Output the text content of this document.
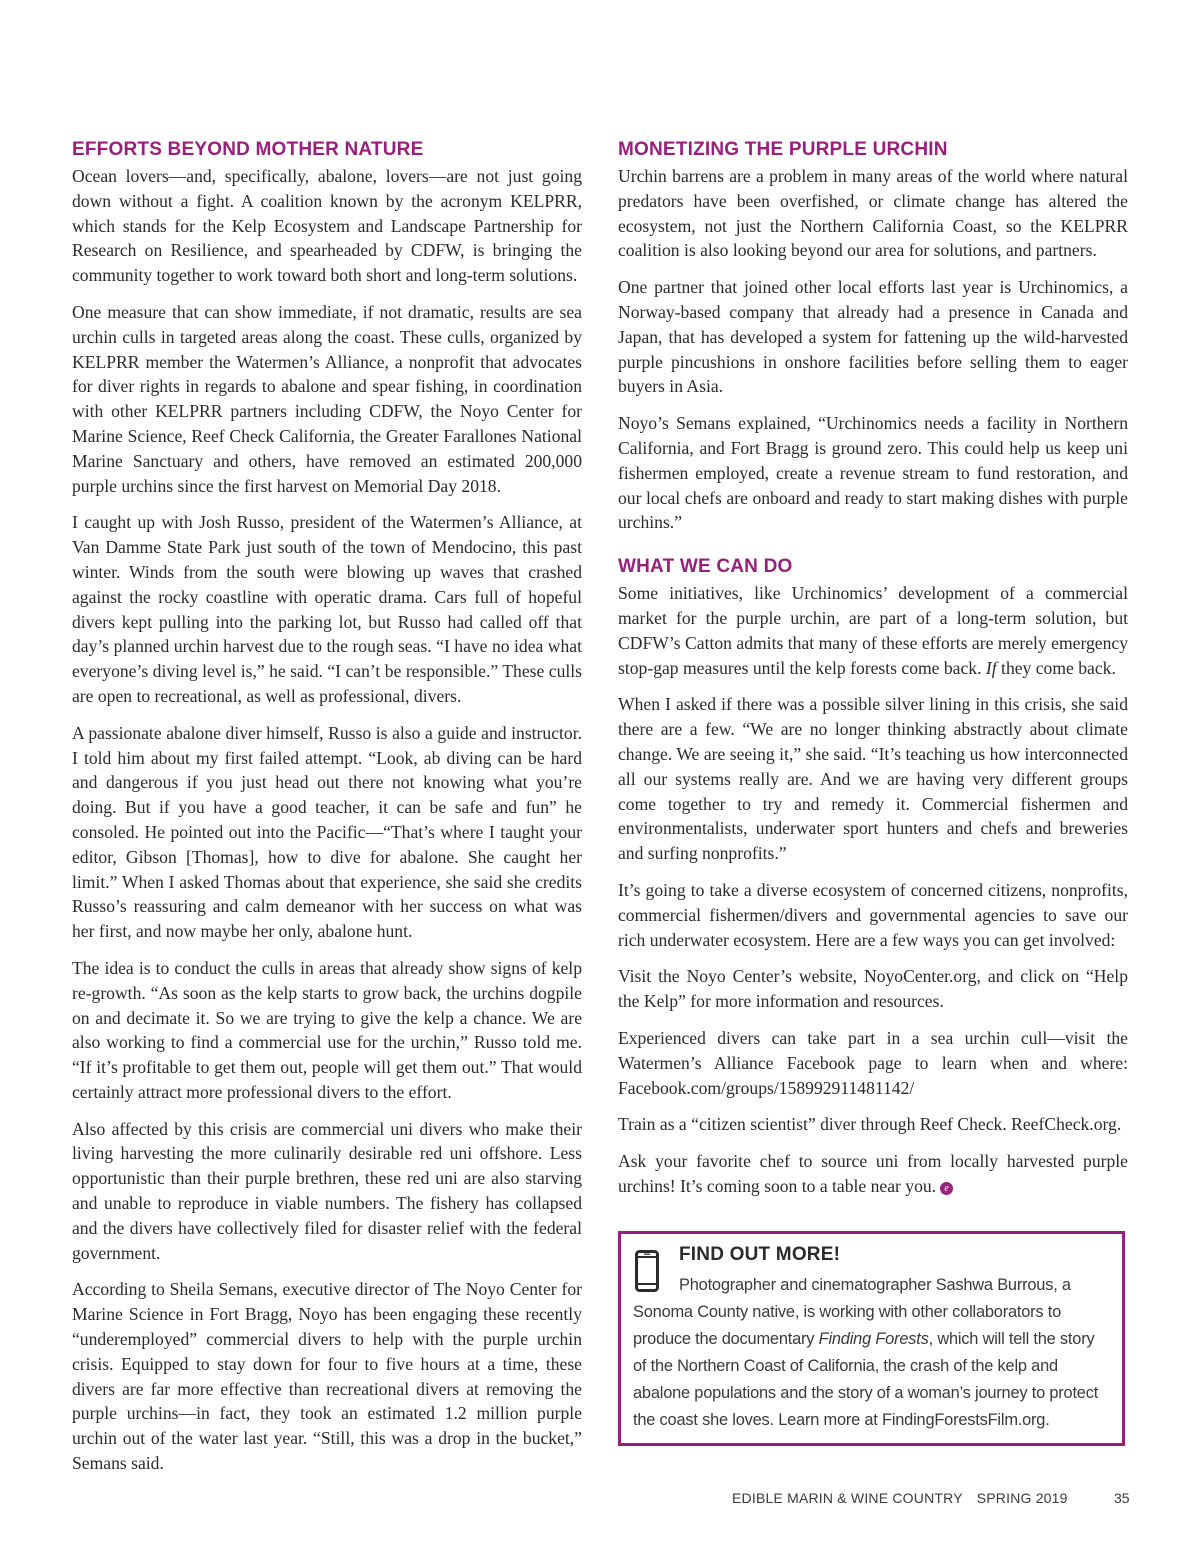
EFFORTS BEYOND MOTHER NATURE

Ocean lovers—and, specifically, abalone, lovers—are not just going down without a fight. A coalition known by the acronym KELPRR, which stands for the Kelp Ecosystem and Landscape Partnership for Research on Resilience, and spearheaded by CDFW, is bringing the community together to work toward both short and long-term solutions.

One measure that can show immediate, if not dramatic, results are sea urchin culls in targeted areas along the coast. These culls, organized by KELPRR member the Watermen’s Alliance, a nonprofit that advocates for diver rights in regards to abalone and spear fishing, in coordination with other KELPRR partners including CDFW, the Noyo Center for Marine Science, Reef Check California, the Greater Farallones National Marine Sanctuary and others, have removed an estimated 200,000 purple urchins since the first harvest on Memorial Day 2018.

I caught up with Josh Russo, president of the Watermen’s Alliance, at Van Damme State Park just south of the town of Mendocino, this past winter. Winds from the south were blowing up waves that crashed against the rocky coastline with operatic drama. Cars full of hopeful divers kept pulling into the parking lot, but Russo had called off that day’s planned urchin harvest due to the rough seas. “I have no idea what everyone’s diving level is,” he said. “I can’t be responsible.” These culls are open to recreational, as well as professional, divers.

A passionate abalone diver himself, Russo is also a guide and instructor. I told him about my first failed attempt. “Look, ab diving can be hard and dangerous if you just head out there not knowing what you’re doing. But if you have a good teacher, it can be safe and fun” he consoled. He pointed out into the Pacific—“That’s where I taught your editor, Gibson [Thomas], how to dive for abalone. She caught her limit.” When I asked Thomas about that experience, she said she credits Russo’s reassuring and calm demeanor with her success on what was her first, and now maybe her only, abalone hunt.

The idea is to conduct the culls in areas that already show signs of kelp re-growth. “As soon as the kelp starts to grow back, the urchins dogpile on and decimate it. So we are trying to give the kelp a chance. We are also working to find a commercial use for the urchin,” Russo told me. “If it’s profitable to get them out, people will get them out.” That would certainly attract more professional divers to the effort.

Also affected by this crisis are commercial uni divers who make their living harvesting the more culinarily desirable red uni offshore. Less opportunistic than their purple brethren, these red uni are also starving and unable to reproduce in viable numbers. The fishery has collapsed and the divers have collectively filed for disaster relief with the federal government.

According to Sheila Semans, executive director of The Noyo Center for Marine Science in Fort Bragg, Noyo has been engaging these recently “underemployed” commercial divers to help with the purple urchin crisis. Equipped to stay down for four to five hours at a time, these divers are far more effective than recreational divers at removing the purple urchins—in fact, they took an estimated 1.2 million purple urchin out of the water last year. “Still, this was a drop in the bucket,” Semans said.

MONETIZING THE PURPLE URCHIN

Urchin barrens are a problem in many areas of the world where natural predators have been overfished, or climate change has altered the ecosystem, not just the Northern California Coast, so the KELPRR coalition is also looking beyond our area for solutions, and partners.

One partner that joined other local efforts last year is Urchinomics, a Norway-based company that already had a presence in Canada and Japan, that has developed a system for fattening up the wild-harvested purple pincushions in onshore facilities before selling them to eager buyers in Asia.

Noyo’s Semans explained, “Urchinomics needs a facility in Northern California, and Fort Bragg is ground zero. This could help us keep uni fishermen employed, create a revenue stream to fund restoration, and our local chefs are onboard and ready to start making dishes with purple urchins.”

WHAT WE CAN DO

Some initiatives, like Urchinomics’ development of a commercial market for the purple urchin, are part of a long-term solution, but CDFW’s Catton admits that many of these efforts are merely emergency stop-gap measures until the kelp forests come back. If they come back.

When I asked if there was a possible silver lining in this crisis, she said there are a few. “We are no longer thinking abstractly about climate change. We are seeing it,” she said. “It’s teaching us how interconnected all our systems really are. And we are having very different groups come together to try and remedy it. Commercial fishermen and environmentalists, underwater sport hunters and chefs and breweries and surfing nonprofits.”

It’s going to take a diverse ecosystem of concerned citizens, nonprofits, commercial fishermen/divers and governmental agencies to save our rich underwater ecosystem. Here are a few ways you can get involved:

Visit the Noyo Center’s website, NoyoCenter.org, and click on “Help the Kelp” for more information and resources.

Experienced divers can take part in a sea urchin cull—visit the Watermen’s Alliance Facebook page to learn when and where: Facebook.com/groups/158992911481142/

Train as a “citizen scientist” diver through Reef Check. ReefCheck.org.

Ask your favorite chef to source uni from locally harvested purple urchins! It’s coming soon to a table near you. e

FIND OUT MORE!
Photographer and cinematographer Sashwa Burrous, a Sonoma County native, is working with other collaborators to produce the documentary Finding Forests, which will tell the story of the Northern Coast of California, the crash of the kelp and abalone populations and the story of a woman’s journey to protect the coast she loves. Learn more at FindingForestsFilm.org.
EDIBLE MARIN & WINE COUNTRY SPRING 2019	35
